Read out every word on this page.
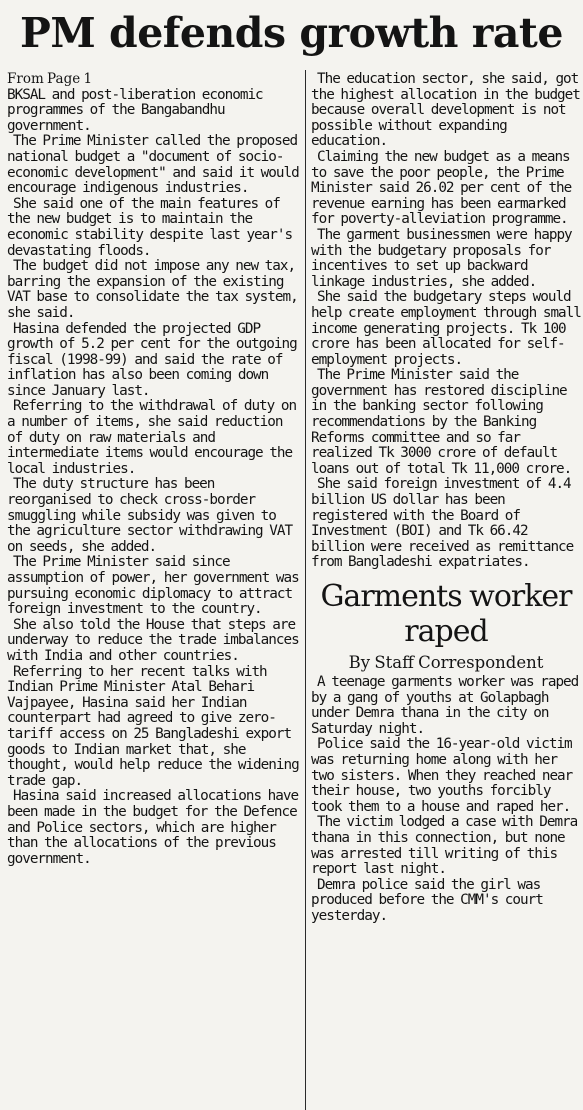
PM defends growth rate

From Page 1

BKSAL and post-liberation economic programmes of the Bangabandhu government.

The Prime Minister called the proposed national budget a "document of socio-economic development" and said it would encourage indigenous industries.

She said one of the main features of the new budget is to maintain the economic stability despite last year's devastating floods.

The budget did not impose any new tax, barring the expansion of the existing VAT base to consolidate the tax system, she said.

Hasina defended the projected GDP growth of 5.2 per cent for the outgoing fiscal (1998-99) and said the rate of inflation has also been coming down since January last.

Referring to the withdrawal of duty on a number of items, she said reduction of duty on raw materials and intermediate items would encourage the local industries.

The duty structure has been reorganised to check cross-border smuggling while subsidy was given to the agriculture sector withdrawing VAT on seeds, she added.

The Prime Minister said since assumption of power, her government was pursuing economic diplomacy to attract foreign investment to the country.

She also told the House that steps are underway to reduce the trade imbalances with India and other countries.

Referring to her recent talks with Indian Prime Minister Atal Behari Vajpayee, Hasina said her Indian counterpart had agreed to give zero-tariff access on 25 Bangladeshi export goods to Indian market that, she thought, would help reduce the widening trade gap.

Hasina said increased allocations have been made in the budget for the Defence and Police sectors, which are higher than the allocations of the previous government.

The education sector, she said, got the highest allocation in the budget because overall development is not possible without expanding education.

Claiming the new budget as a means to save the poor people, the Prime Minister said 26.02 per cent of the revenue earning has been earmarked for poverty-alleviation programme.

The garment businessmen were happy with the budgetary proposals for incentives to set up backward linkage industries, she added.

She said the budgetary steps would help create employment through small income generating projects. Tk 100 crore has been allocated for self-employment projects.

The Prime Minister said the government has restored discipline in the banking sector following recommendations by the Banking Reforms committee and so far realized Tk 3000 crore of default loans out of total Tk 11,000 crore.

She said foreign investment of 4.4 billion US dollar has been registered with the Board of Investment (BOI) and Tk 66.42 billion were received as remittance from Bangladeshi expatriates.

Garments worker raped
By Staff Correspondent

A teenage garments worker was raped by a gang of youths at Golapbagh under Demra thana in the city on Saturday night.

Police said the 16-year-old victim was returning home along with her two sisters. When they reached near their house, two youths forcibly took them to a house and raped her.

The victim lodged a case with Demra thana in this connection, but none was arrested till writing of this report last night.

Demra police said the girl was produced before the CMM's court yesterday.
